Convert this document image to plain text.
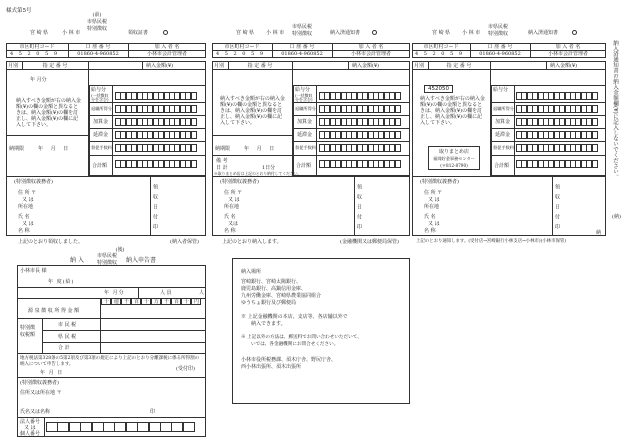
様式第5号
宮 崎 県	小 林 市
(前)
市県民税
特別徴収
領収証書
市区町村コード	口 座 番 号	加 入 者 名
4 5 2 0 5 9	01860-4-960852	小林市会計管理者
月別	指 定 番 号	納入金額(¥)
年 月分
納入すべき金額が右の納入金額(¥)の欄の金額と異なるときは、納入金額(¥)の欄を訂正し、納入金額(¥)の欄に記入して下さい。
納期限	年 月 日
給与分
(一括徴収
分を含む)
退職所得分
加算金
延滞金
督促手数料
合計額
(特別徴収義務者)
住 所 〒
又 は
所在地
氏 名
又 は
名 称	領収日付印
上記のとおり領収しました。	(納入者保管)
宮 崎 県 小 林 市
市県民税
特別徴収	納入済通知書
市区町村コード	口 座 番 号	加 入 者 名
4 5 2 0 5 9	01860-4-960852	小林市会計管理者
月別	指 定 番 号	納入金額(¥)
納入すべき金額が右の納入金額(¥)の欄の金額と異なるときは、納入金額(¥)の欄を訂正し、納入金額(¥)の欄に記入して下さい。
納期限	年 月 日
給与分
(一括徴収
分を含む)
退職所得分
加算金
延滞金
督促手数料
合計額
備 考
日 計	1日分
※取りまとめ店は上記のとおり納付してください。
(特別徴収義務者)
住 所 〒
又 は
所在地
氏 名
又は
名 称	領収日付印
上記のとおり納入します。	(金融機関又は郵便局保管)
宮 崎 県 小 林 市
市県民税
特別徴収	納入済通知書
市区町村コード	口 座 番 号	加 入 者 名
4 5 2 0 5 9	01860-4-960852	小林市会計管理者
月別	指 定 番 号	納入金額(¥)
452050
納入すべき金額が右の納入金額(¥)の欄の金額と異なるときは、納入金額(¥)の欄を訂正し、納入金額(¥)の欄に記入して下さい。
給与分
退職所得分
加算金
延滞金
督促手数料
合計額
取りまとめ店
福岡貯金事務センター
(〒812-8790)
(特別徴収義務者)
住 所 〒
又 は
所在地
氏 名
又 は
名 称	領収日付印	納
上記のとおり通知します。(受付店→宮崎銀行小林支店→小林市)(小林市保管)
納入済通知書の納入金額欄(¥)に記入しないでください。
(納)
(後)
納 入
市県民税
特別徴収	納入申告書
小林市長 様
年 度(給)
年 月分	人 員	人
十 億 千 百 十 万 千 百 十 円
源 泉 徴 収 所 得 金 額
特別徴
収税額
市 民 税
県 民 税
合 計
地方税法第328条の5第2項及び第3項の規定により上記のとおり分離課税に係る所得割の納入について申告します。
年 月 日
(特別徴収義務者)
(受付印)
住所又は所在地 〒
氏名又は名称	印
法人番号
又 は
個人番号
納入場所
宮崎銀行、宮崎太陽銀行、
鹿児島銀行、高鍋信用金庫、
九州労働金庫、宮崎県農業協同組合
ゆうちょ銀行及び郵便局
※ 上記金融機関の本店、支店等、各店舗以外で
納入できます。
※ 上記以外の方法は、郵送料でお問い合わせいただいて、
いでは、各金融機関にお問合せください。
小林市役所税務課、須木庁舎、野尻庁舎、
西小林出張所、須木出張所
